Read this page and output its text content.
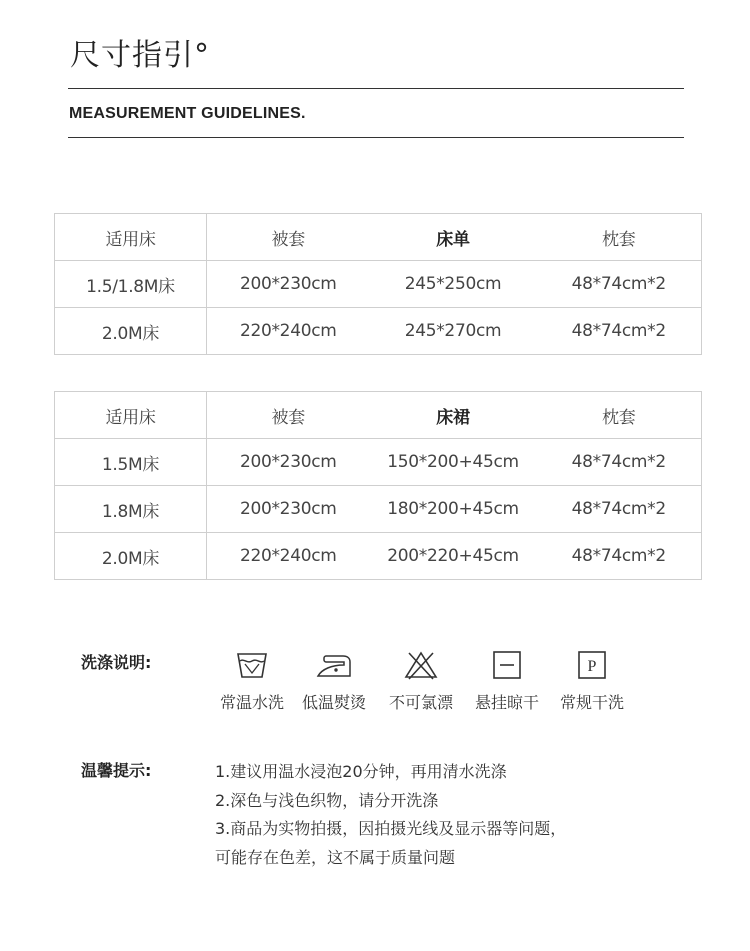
尺寸指引°
MEASUREMENT GUIDELINES.
适用床	被套	床单	枕套
1.5/1.8M床	200*230cm	245*250cm	48*74cm*2
2.0M床	220*240cm	245*270cm	48*74cm*2
适用床	被套	床裙	枕套
1.5M床	200*230cm	150*200+45cm	48*74cm*2
1.8M床	200*230cm	180*200+45cm	48*74cm*2
2.0M床	220*240cm	200*220+45cm	48*74cm*2
洗涤说明:
常温水洗	低温熨烫	不可氯漂	悬挂晾干
P
常规干洗
温馨提示:	1.建议用温水浸泡20分钟，再用清水洗涤
2.深色与浅色织物，请分开洗涤
3.商品为实物拍摄，因拍摄光线及显示器等问题，
可能存在色差，这不属于质量问题
